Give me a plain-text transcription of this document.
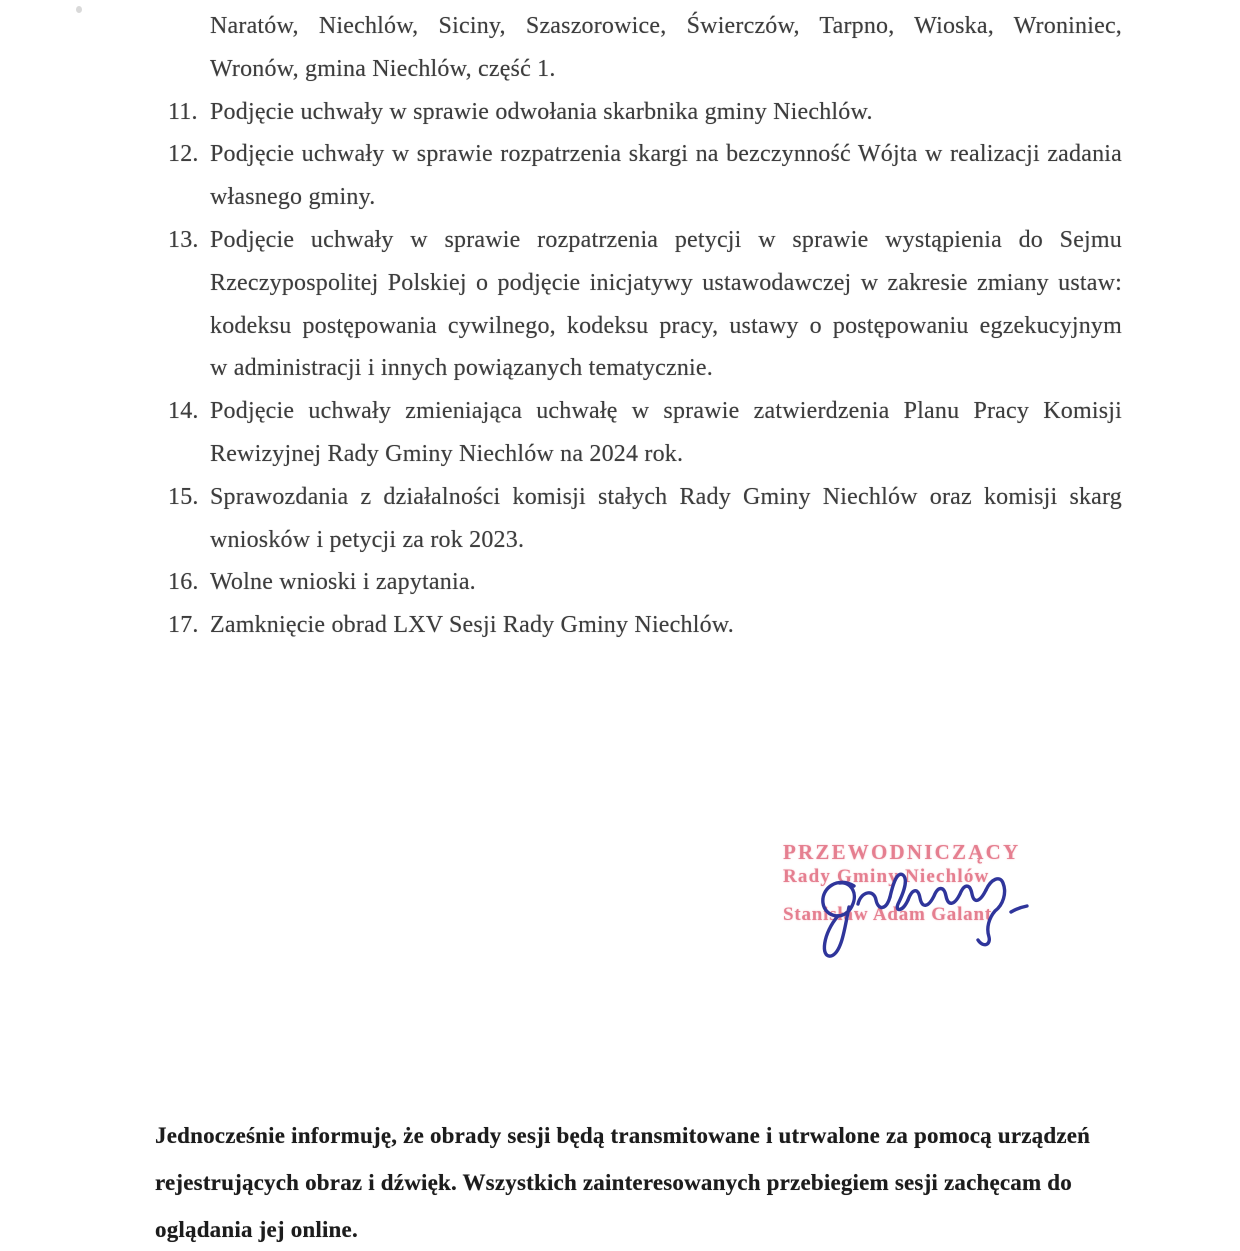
Naratów, Niechlów, Siciny, Szaszorowice, Świerczów, Tarpno, Wioska, Wroniniec,
Wronów, gmina Niechlów, część 1.
11. Podjęcie uchwały w sprawie odwołania skarbnika gminy Niechlów.
12. Podjęcie uchwały w sprawie rozpatrzenia skargi na bezczynność Wójta w realizacji zadania
własnego gminy.
13. Podjęcie uchwały w sprawie rozpatrzenia petycji w sprawie wystąpienia do Sejmu
Rzeczypospolitej Polskiej o podjęcie inicjatywy ustawodawczej w zakresie zmiany ustaw:
kodeksu postępowania cywilnego, kodeksu pracy, ustawy o postępowaniu egzekucyjnym
w administracji i innych powiązanych tematycznie.
14. Podjęcie uchwały zmieniająca uchwałę w sprawie zatwierdzenia Planu Pracy Komisji
Rewizyjnej Rady Gminy Niechlów na 2024 rok.
15. Sprawozdania z działalności komisji stałych Rady Gminy Niechlów oraz komisji skarg
wniosków i petycji za rok 2023.
16. Wolne wnioski i zapytania.
17. Zamknięcie obrad LXV Sesji Rady Gminy Niechlów.
PRZEWODNICZĄCY
Rady Gminy Niechlów
Stanisław Adam Galant
Jednocześnie informuję, że obrady sesji będą transmitowane i utrwalone za pomocą urządzeń
rejestrujących obraz i dźwięk. Wszystkich zainteresowanych przebiegiem sesji zachęcam do
oglądania jej online.
